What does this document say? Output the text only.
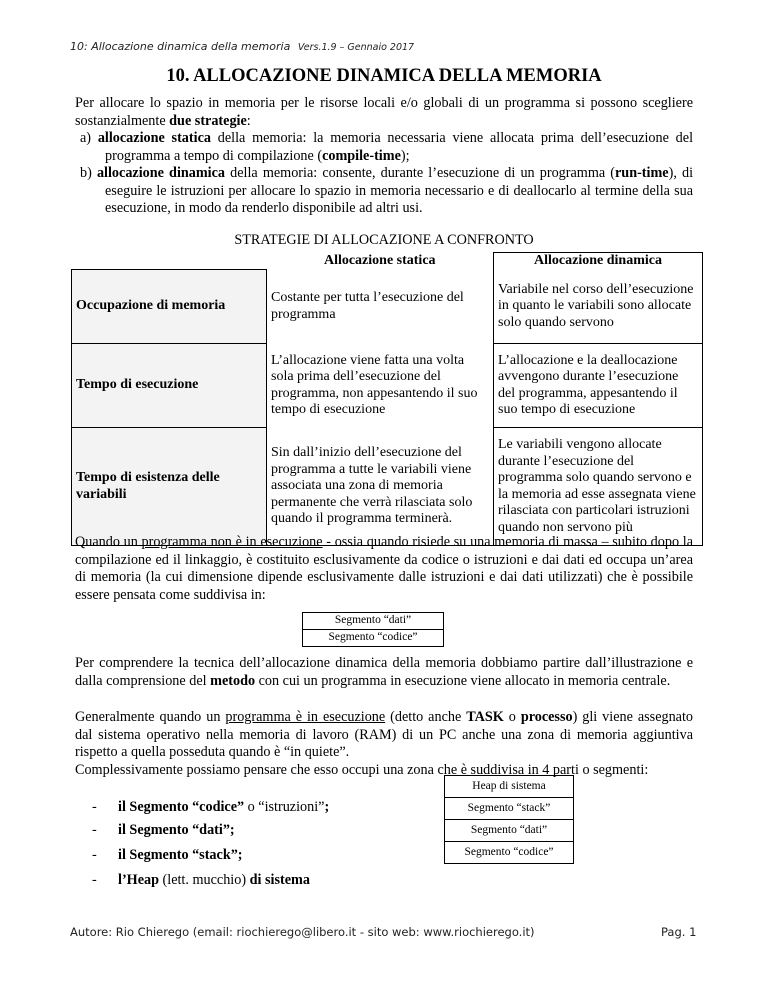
10: Allocazione dinamica della memoria Vers.1.9 – Gennaio 2017
10. ALLOCAZIONE DINAMICA DELLA MEMORIA
Per allocare lo spazio in memoria per le risorse locali e/o globali di un programma si possono scegliere sostanzialmente due strategie:

a) allocazione statica della memoria: la memoria necessaria viene allocata prima dell’esecuzione del programma a tempo di compilazione (compile-time);

b) allocazione dinamica della memoria: consente, durante l’esecuzione di un programma (run-time), di eseguire le istruzioni per allocare lo spazio in memoria necessario e di deallocarlo al termine della sua esecuzione, in modo da renderlo disponibile ad altri usi.

STRATEGIE DI ALLOCAZIONE A CONFRONTO
	Allocazione statica	Allocazione dinamica
Occupazione di memoria	Costante per tutta l’esecuzione del programma	Variabile nel corso dell’esecuzione in quanto le variabili sono allocate solo quando servono
Tempo di esecuzione	L’allocazione viene fatta una volta sola prima dell’esecuzione del programma, non appesantendo il suo tempo di esecuzione	L’allocazione e la deallocazione avvengono durante l’esecuzione del programma, appesantendo il suo tempo di esecuzione
Tempo di esistenza delle variabili	Sin dall’inizio dell’esecuzione del programma a tutte le variabili viene associata una zona di memoria permanente che verrà rilasciata solo quando il programma terminerà.	Le variabili vengono allocate durante l’esecuzione del programma solo quando servono e la memoria ad esse assegnata viene rilasciata con particolari istruzioni quando non servono più
Quando un programma non è in esecuzione - ossia quando risiede su una memoria di massa – subito dopo la compilazione ed il linkaggio, è costituito esclusivamente da codice o istruzioni e dai dati ed occupa un’area di memoria (la cui dimensione dipende esclusivamente dalle istruzioni e dai dati utilizzati) che è possibile essere pensata come suddivisa in:
Segmento “dati”
Segmento “codice”
Per comprendere la tecnica dell’allocazione dinamica della memoria dobbiamo partire dall’illustrazione e dalla comprensione del metodo con cui un programma in esecuzione viene allocato in memoria centrale.
Generalmente quando un programma è in esecuzione (detto anche TASK o processo) gli viene assegnato dal sistema operativo nella memoria di lavoro (RAM) di un PC anche una zona di memoria aggiuntiva rispetto a quella posseduta quando è “in quiete”.
Complessivamente possiamo pensare che esso occupi una zona che è suddivisa in 4 parti o segmenti:
- il Segmento “codice” o “istruzioni”;
- il Segmento “dati”;
- il Segmento “stack”;
- l’Heap (lett. mucchio) di sistema
Heap di sistema
Segmento “stack”
Segmento “dati”
Segmento “codice”
Autore: Rio Chierego (email: riochierego@libero.it - sito web: www.riochierego.it)	Pag. 1
